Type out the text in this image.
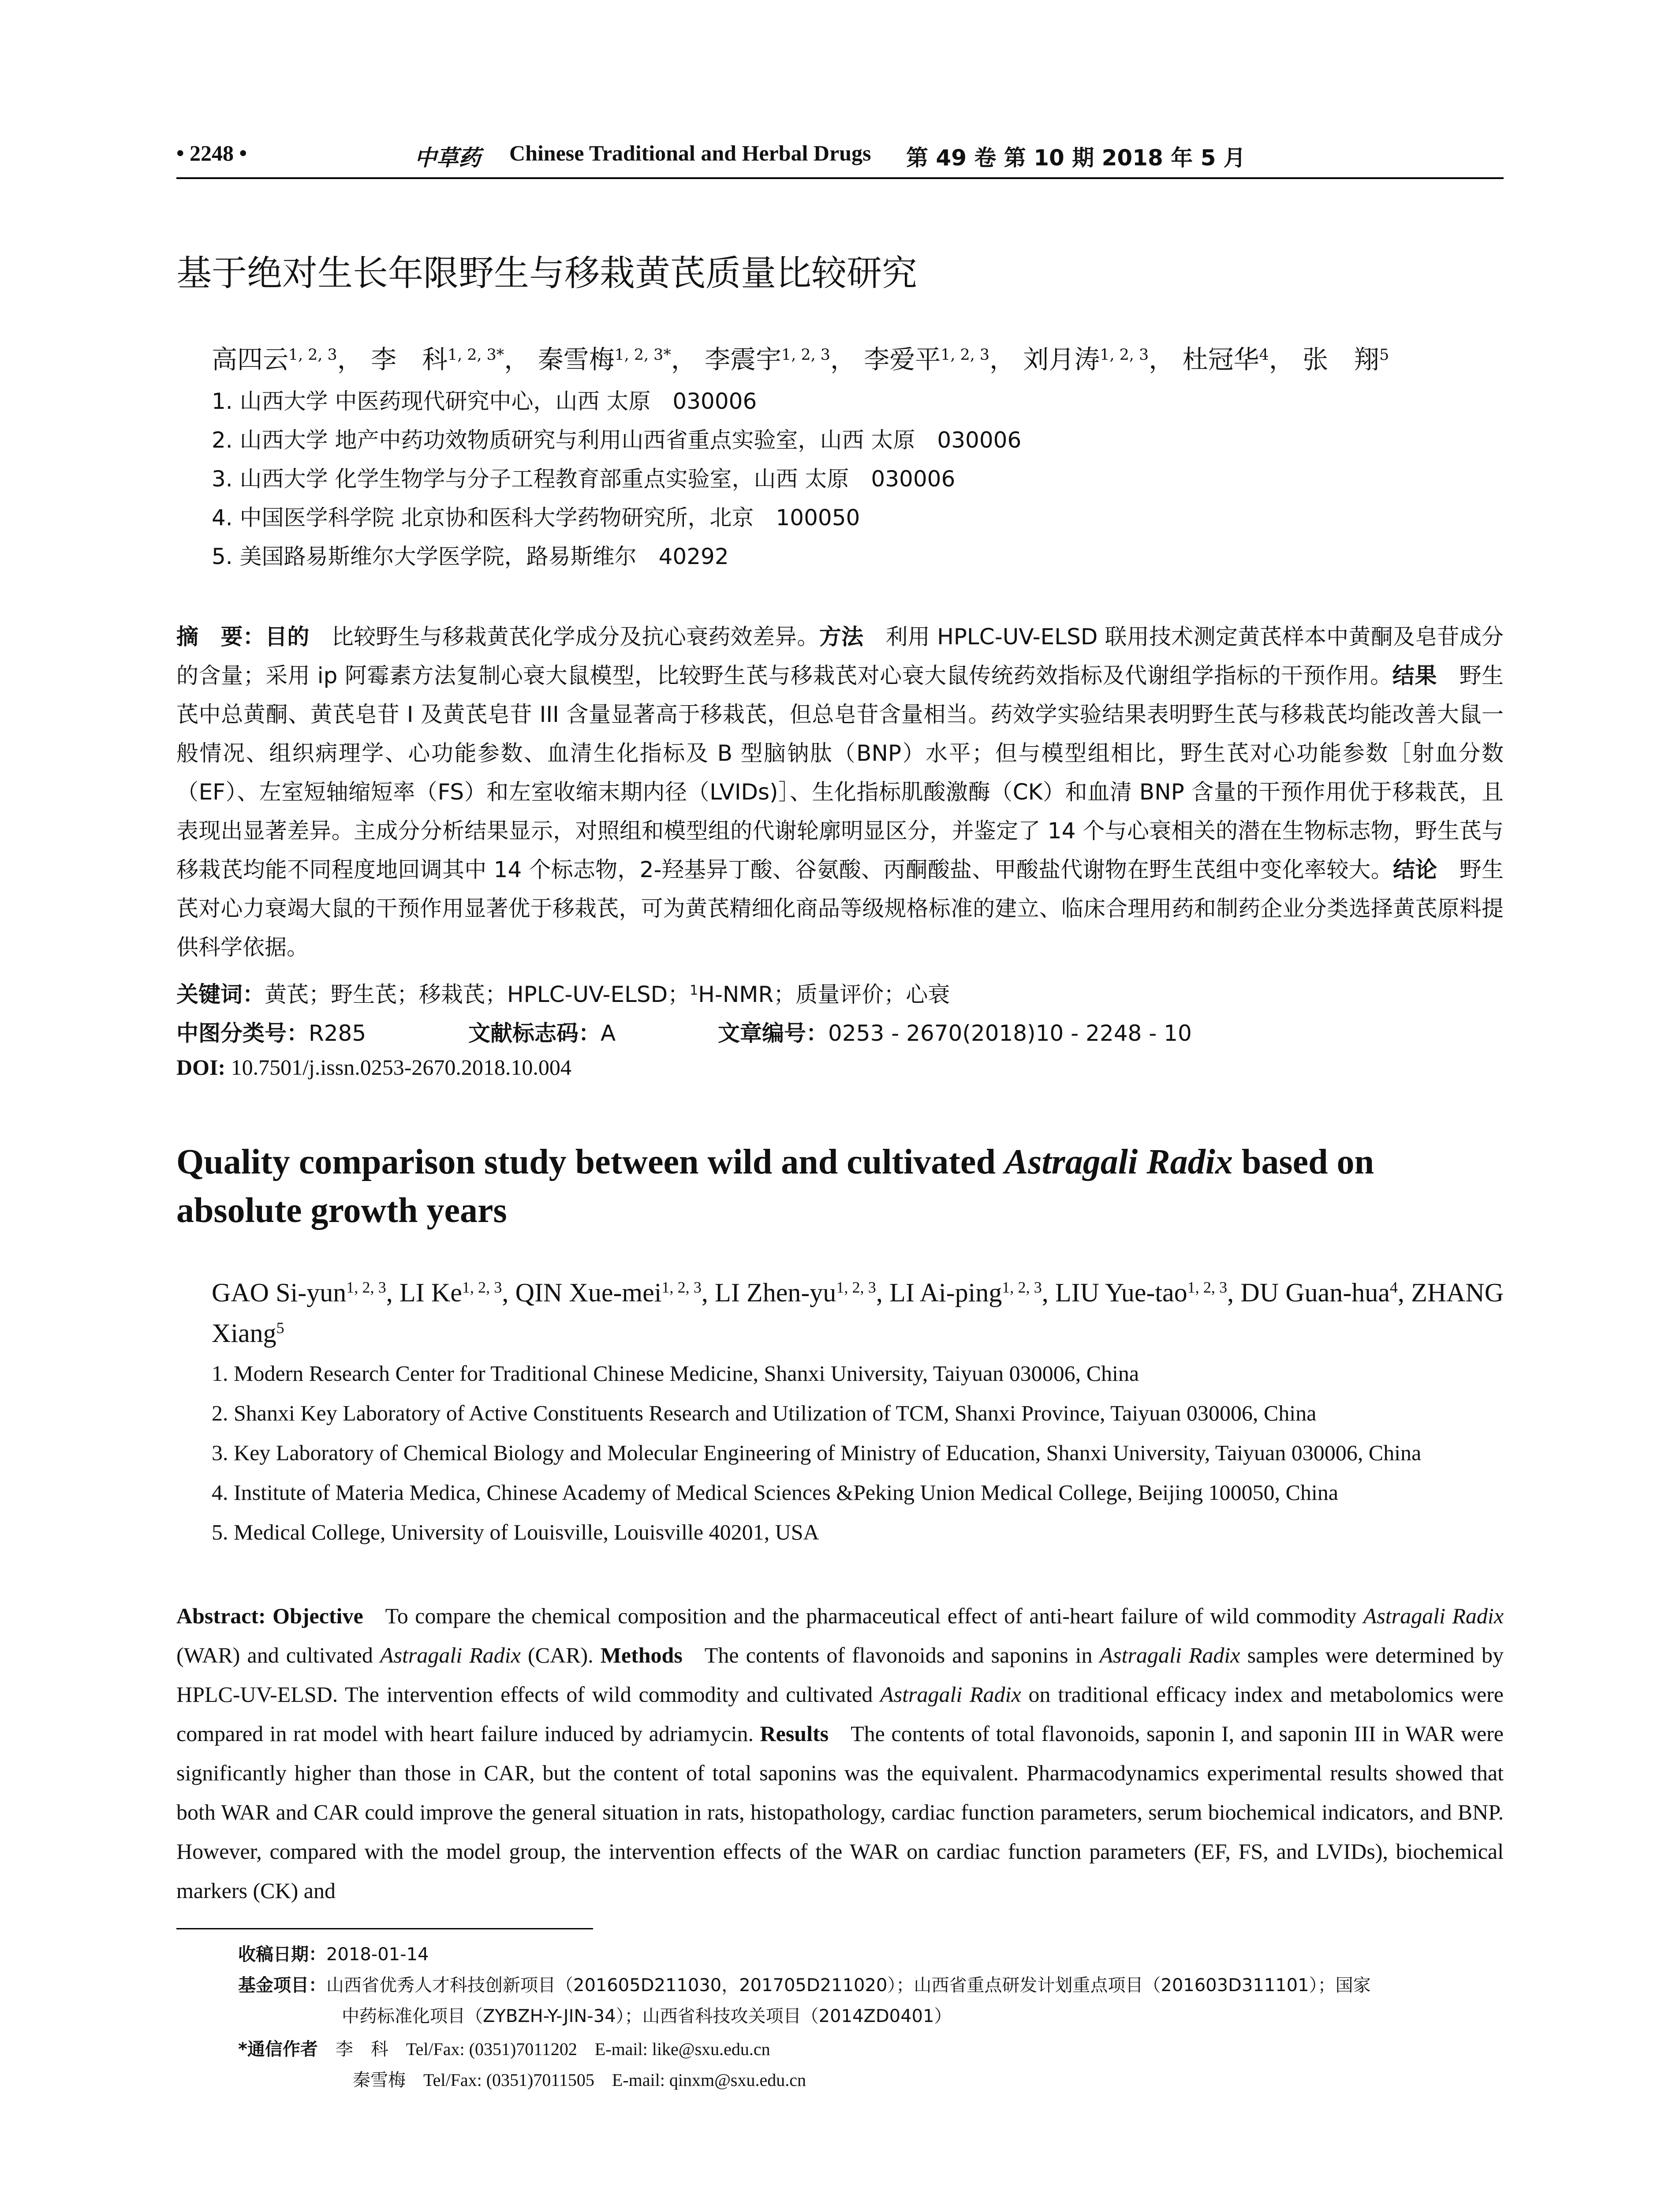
• 2248 •	中草药 Chinese Traditional and Herbal Drugs 第 49 卷 第 10 期 2018 年 5 月
基于绝对生长年限野生与移栽黄芪质量比较研究
高四云$^{1, 2, 3}$， 李　科$^{1, 2, 3*}$， 秦雪梅$^{1, 2, 3*}$， 李震宇$^{1, 2, 3}$， 李爱平$^{1, 2, 3}$， 刘月涛$^{1, 2, 3}$， 杜冠华$^4$， 张　翔$^5$
1. 山西大学 中医药现代研究中心，山西 太原　030006
2. 山西大学 地产中药功效物质研究与利用山西省重点实验室，山西 太原　030006
3. 山西大学 化学生物学与分子工程教育部重点实验室，山西 太原　030006
4. 中国医学科学院 北京协和医科大学药物研究所，北京　100050
5. 美国路易斯维尔大学医学院，路易斯维尔　40292
摘　要：目的 比较野生与移栽黄芪化学成分及抗心衰药效差异。方法 利用 HPLC-UV-ELSD 联用技术测定黄芪样本中黄酮及皂苷成分的含量；采用 ip 阿霉素方法复制心衰大鼠模型，比较野生芪与移栽芪对心衰大鼠传统药效指标及代谢组学指标的干预作用。结果 野生芪中总黄酮、黄芪皂苷 I 及黄芪皂苷 III 含量显著高于移栽芪，但总皂苷含量相当。药效学实验结果表明野生芪与移栽芪均能改善大鼠一般情况、组织病理学、心功能参数、血清生化指标及 B 型脑钠肽（BNP）水平；但与模型组相比，野生芪对心功能参数［射血分数（EF）、左室短轴缩短率（FS）和左室收缩末期内径（LVIDs)］、生化指标肌酸激酶（CK）和血清 BNP 含量的干预作用优于移栽芪，且表现出显著差异。主成分分析结果显示，对照组和模型组的代谢轮廓明显区分，并鉴定了 14 个与心衰相关的潜在生物标志物，野生芪与移栽芪均能不同程度地回调其中 14 个标志物，2-羟基异丁酸、谷氨酸、丙酮酸盐、甲酸盐代谢物在野生芪组中变化率较大。结论 野生芪对心力衰竭大鼠的干预作用显著优于移栽芪，可为黄芪精细化商品等级规格标准的建立、临床合理用药和制药企业分类选择黄芪原料提供科学依据。
关键词：黄芪；野生芪；移栽芪；HPLC-UV-ELSD；$^1$H-NMR；质量评价；心衰
中图分类号：R285	文献标志码：A	文章编号：0253 - 2670(2018)10 - 2248 - 10
DOI: 10.7501/j.issn.0253-2670.2018.10.004
Quality comparison study between wild and cultivated Astragali Radix based on absolute growth years
GAO Si-yun$^{1, 2, 3}$, LI Ke$^{1, 2, 3}$, QIN Xue-mei$^{1, 2, 3}$, LI Zhen-yu$^{1, 2, 3}$, LI Ai-ping$^{1, 2, 3}$, LIU Yue-tao$^{1, 2, 3}$, DU Guan-hua$^4$, ZHANG Xiang$^5$
1. Modern Research Center for Traditional Chinese Medicine, Shanxi University, Taiyuan 030006, China
2. Shanxi Key Laboratory of Active Constituents Research and Utilization of TCM, Shanxi Province, Taiyuan 030006, China
3. Key Laboratory of Chemical Biology and Molecular Engineering of Ministry of Education, Shanxi University, Taiyuan 030006, China
4. Institute of Materia Medica, Chinese Academy of Medical Sciences &Peking Union Medical College, Beijing 100050, China
5. Medical College, University of Louisville, Louisville 40201, USA
Abstract: Objective To compare the chemical composition and the pharmaceutical effect of anti-heart failure of wild commodity Astragali Radix (WAR) and cultivated Astragali Radix (CAR). Methods The contents of flavonoids and saponins in Astragali Radix samples were determined by HPLC-UV-ELSD. The intervention effects of wild commodity and cultivated Astragali Radix on traditional efficacy index and metabolomics were compared in rat model with heart failure induced by adriamycin. Results The contents of total flavonoids, saponin I, and saponin III in WAR were significantly higher than those in CAR, but the content of total saponins was the equivalent. Pharmacodynamics experimental results showed that both WAR and CAR could improve the general situation in rats, histopathology, cardiac function parameters, serum biochemical indicators, and BNP. However, compared with the model group, the intervention effects of the WAR on cardiac function parameters (EF, FS, and LVIDs), biochemical markers (CK) and
收稿日期：2018-01-14
基金项目：山西省优秀人才科技创新项目（201605D211030，201705D211020）；山西省重点研发计划重点项目（201603D311101）；国家
中药标准化项目（ZYBZH-Y-JIN-34）；山西省科技攻关项目（2014ZD0401）
*通信作者 李　科 Tel/Fax: (0351)7011202　E-mail: like@sxu.edu.cn
秦雪梅 Tel/Fax: (0351)7011505　E-mail: qinxm@sxu.edu.cn
